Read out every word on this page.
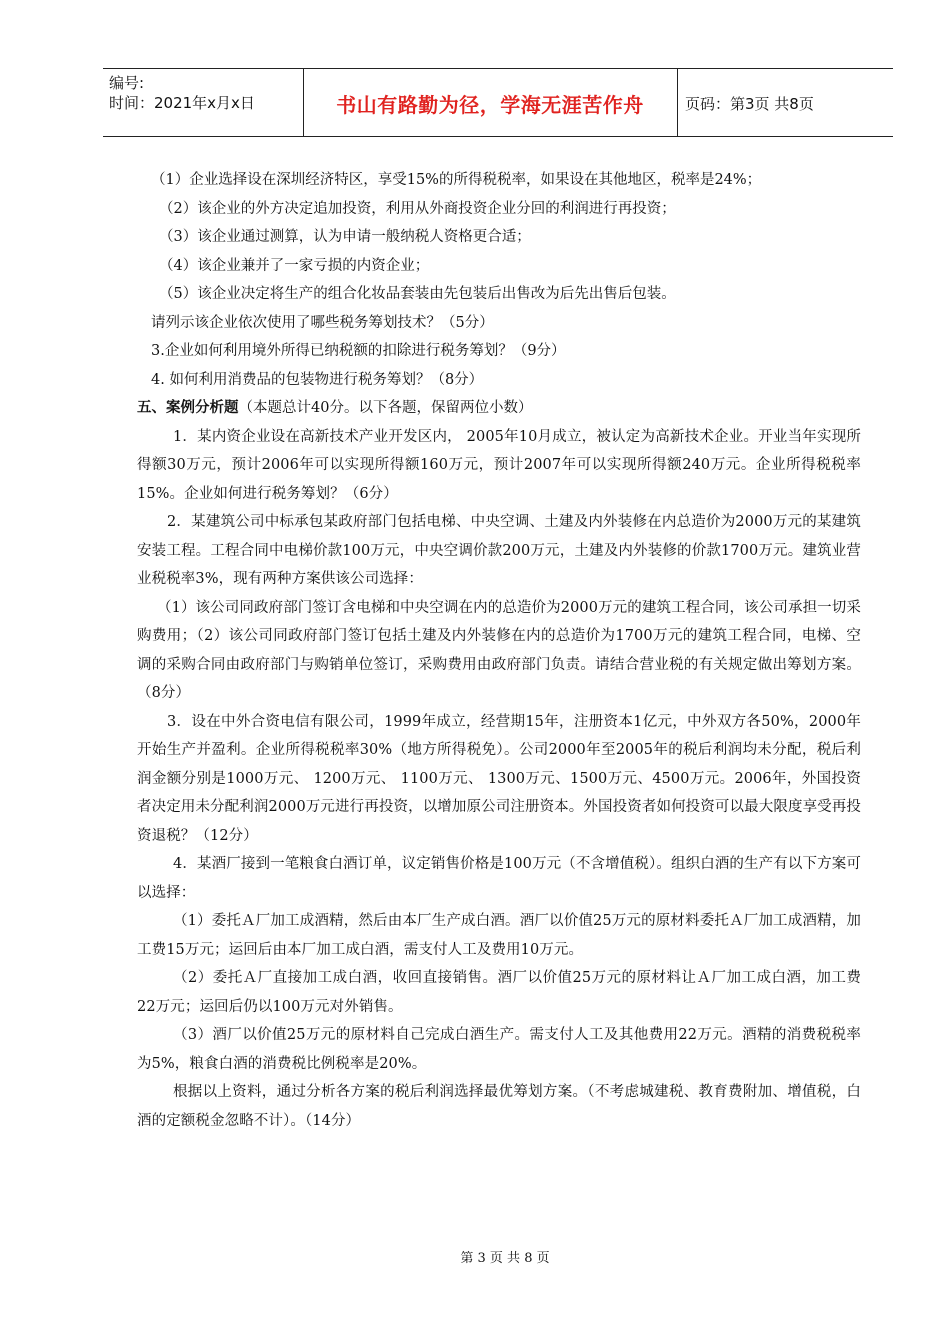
编号:
时间：2021年x月x日	书山有路勤为径，学海无涯苦作舟	页码：第3页 共8页

（1）企业选择设在深圳经济特区，享受15%的所得税税率，如果设在其他地区，税率是24%；

（2）该企业的外方决定追加投资，利用从外商投资企业分回的利润进行再投资；

（3）该企业通过测算，认为申请一般纳税人资格更合适；

（4）该企业兼并了一家亏损的内资企业；

（5）该企业决定将生产的组合化妆品套装由先包装后出售改为后先出售后包装。

请列示该企业依次使用了哪些税务筹划技术？（5分）

3.企业如何利用境外所得已纳税额的扣除进行税务筹划？（9分）

4. 如何利用消费品的包装物进行税务筹划？（8分）

五、案例分析题（本题总计40分。以下各题，保留两位小数）

1．某内资企业设在高新技术产业开发区内， 2005年10月成立，被认定为高新技术企业。开业当年实现所得额30万元，预计2006年可以实现所得额160万元，预计2007年可以实现所得额240万元。企业所得税税率15%。企业如何进行税务筹划？（6分）

2．某建筑公司中标承包某政府部门包括电梯、中央空调、土建及内外装修在内总造价为2000万元的某建筑安装工程。工程合同中电梯价款100万元，中央空调价款200万元，土建及内外装修的价款1700万元。建筑业营业税税率3%，现有两种方案供该公司选择：

（1）该公司同政府部门签订含电梯和中央空调在内的总造价为2000万元的建筑工程合同，该公司承担一切采购费用；（2）该公司同政府部门签订包括土建及内外装修在内的总造价为1700万元的建筑工程合同，电梯、空调的采购合同由政府部门与购销单位签订，采购费用由政府部门负责。请结合营业税的有关规定做出筹划方案。（8分）

3．设在中外合资电信有限公司，1999年成立，经营期15年，注册资本1亿元，中外双方各50%，2000年开始生产并盈利。企业所得税税率30%（地方所得税免）。公司2000年至2005年的税后利润均未分配，税后利润金额分别是1000万元、 1200万元、 1100万元、 1300万元、1500万元、4500万元。2006年，外国投资者决定用未分配利润2000万元进行再投资，以增加原公司注册资本。外国投资者如何投资可以最大限度享受再投资退税？（12分）

4．某酒厂接到一笔粮食白酒订单，议定销售价格是100万元（不含增值税）。组织白酒的生产有以下方案可以选择：

（1）委托Ａ厂加工成酒精，然后由本厂生产成白酒。酒厂以价值25万元的原材料委托Ａ厂加工成酒精，加工费15万元；运回后由本厂加工成白酒，需支付人工及费用10万元。

（2）委托Ａ厂直接加工成白酒，收回直接销售。酒厂以价值25万元的原材料让Ａ厂加工成白酒，加工费22万元；运回后仍以100万元对外销售。

（3）酒厂以价值25万元的原材料自己完成白酒生产。需支付人工及其他费用22万元。酒精的消费税税率为5%，粮食白酒的消费税比例税率是20%。

根据以上资料，通过分析各方案的税后利润选择最优筹划方案。（不考虑城建税、教育费附加、增值税，白酒的定额税金忽略不计）。（14分）

第 3 页 共 8 页
